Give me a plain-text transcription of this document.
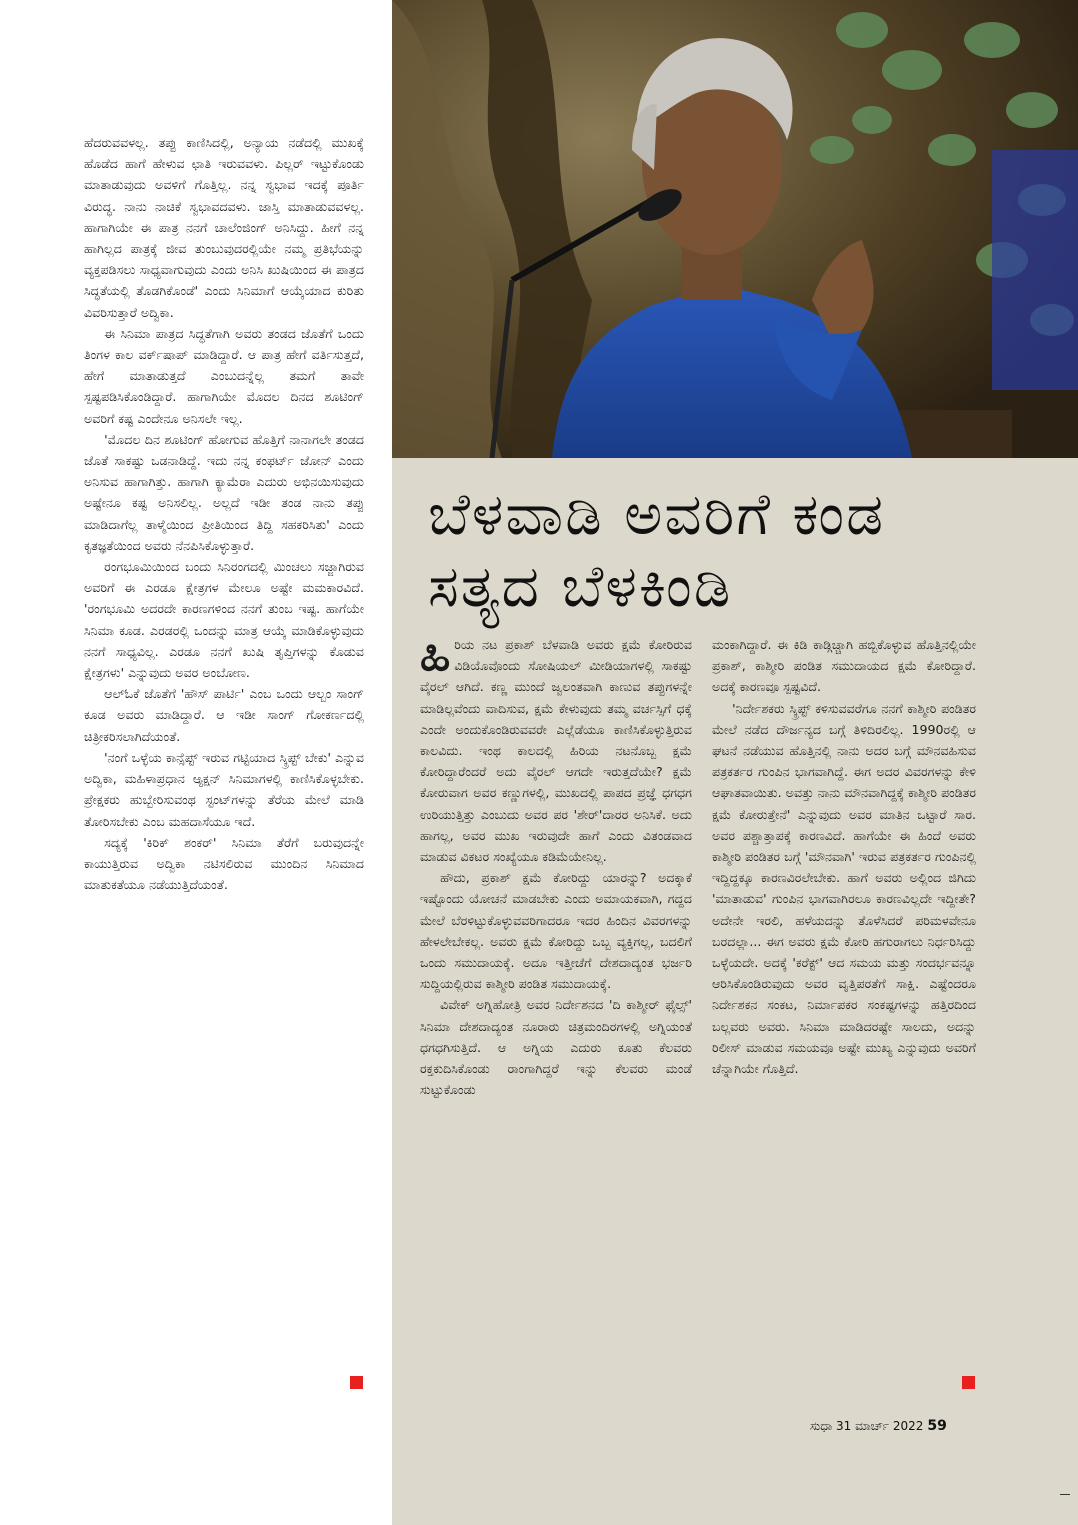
ಹೆದರುವವಳಲ್ಲ. ತಪ್ಪು ಕಾಣಿಸಿದಲ್ಲಿ, ಅನ್ಯಾಯ ನಡೆದಲ್ಲಿ ಮುಖಕ್ಕೆ ಹೊಡೆದ ಹಾಗೆ ಹೇಳುವ ಛಾತಿ ಇರುವವಳು. ಪಿಲ್ಲರ್ ಇಟ್ಟುಕೊಂಡು ಮಾತಾಡುವುದು ಅವಳಿಗೆ ಗೊತ್ತಿಲ್ಲ. ನನ್ನ ಸ್ವಭಾವ ಇದಕ್ಕೆ ಪೂರ್ತಿ ವಿರುದ್ಧ. ನಾನು ನಾಚಿಕೆ ಸ್ವಭಾವದವಳು. ಜಾಸ್ತಿ ಮಾತಾಡುವವಳಲ್ಲ. ಹಾಗಾಗಿಯೇ ಈ ಪಾತ್ರ ನನಗೆ ಚಾಲೆಂಜಿಂಗ್ ಅನಿಸಿದ್ದು. ಹೀಗೆ ನನ್ನ ಹಾಗಿಲ್ಲದ ಪಾತ್ರಕ್ಕೆ ಜೀವ ತುಂಬುವುದರಲ್ಲಿಯೇ ನಮ್ಮ ಪ್ರತಿಭೆಯನ್ನು ವ್ಯಕ್ತಪಡಿಸಲು ಸಾಧ್ಯವಾಗುವುದು ಎಂದು ಅನಿಸಿ ಖುಷಿಯಿಂದ ಈ ಪಾತ್ರದ ಸಿದ್ಧತೆಯಲ್ಲಿ ತೊಡಗಿಕೊಂಡೆ' ಎಂದು ಸಿನಿಮಾಗೆ ಆಯ್ಕೆಯಾದ ಕುರಿತು ವಿವರಿಸುತ್ತಾರೆ ಅದ್ವಿಕಾ.

ಈ ಸಿನಿಮಾ ಪಾತ್ರದ ಸಿದ್ಧತೆಗಾಗಿ ಅವರು ತಂಡದ ಜೊತೆಗೆ ಒಂದು ತಿಂಗಳ ಕಾಲ ವರ್ಕ್‌ಷಾಪ್ ಮಾಡಿದ್ದಾರೆ. ಆ ಪಾತ್ರ ಹೇಗೆ ವರ್ತಿಸುತ್ತದೆ, ಹೇಗೆ ಮಾತಾಡುತ್ತದೆ ಎಂಬುದನ್ನೆಲ್ಲ ತಮಗೆ ತಾವೇ ಸ್ಪಷ್ಟಪಡಿಸಿಕೊಂಡಿದ್ದಾರೆ. ಹಾಗಾಗಿಯೇ ಮೊದಲ ದಿನದ ಶೂಟಿಂಗ್ ಅವರಿಗೆ ಕಷ್ಟ ಎಂದೇನೂ ಅನಿಸಲೇ ಇಲ್ಲ.

'ಮೊದಲ ದಿನ ಶೂಟಿಂಗ್ ಹೋಗುವ ಹೊತ್ತಿಗೆ ನಾನಾಗಲೇ ತಂಡದ ಜೊತೆ ಸಾಕಷ್ಟು ಒಡನಾಡಿದ್ದೆ. ಇದು ನನ್ನ ಕಂಫರ್ಟ್ ಜೋನ್ ಎಂದು ಅನಿಸುವ ಹಾಗಾಗಿತ್ತು. ಹಾಗಾಗಿ ಕ್ಯಾಮೆರಾ ಎದುರು ಅಭಿನಯಿಸುವುದು ಅಷ್ಟೇನೂ ಕಷ್ಟ ಅನಿಸಲಿಲ್ಲ. ಅಲ್ಲದೆ ಇಡೀ ತಂಡ ನಾನು ತಪ್ಪು ಮಾಡಿದಾಗೆಲ್ಲ ತಾಳ್ಮೆಯಿಂದ ಪ್ರೀತಿಯಿಂದ ತಿದ್ದಿ ಸಹಕರಿಸಿತು' ಎಂದು ಕೃತಜ್ಞತೆಯಿಂದ ಅವರು ನೆನಪಿಸಿಕೊಳ್ಳುತ್ತಾರೆ.

ರಂಗಭೂಮಿಯಿಂದ ಬಂದು ಸಿನಿರಂಗದಲ್ಲಿ ಮಿಂಚಲು ಸಜ್ಜಾಗಿರುವ ಅವರಿಗೆ ಈ ಎರಡೂ ಕ್ಷೇತ್ರಗಳ ಮೇಲೂ ಅಷ್ಟೇ ಮಮಕಾರವಿದೆ. 'ರಂಗಭೂಮಿ ಅದರದೇ ಕಾರಣಗಳಿಂದ ನನಗೆ ತುಂಬ ಇಷ್ಟ. ಹಾಗೆಯೇ ಸಿನಿಮಾ ಕೂಡ. ಎರಡರಲ್ಲಿ ಒಂದನ್ನು ಮಾತ್ರ ಆಯ್ಕೆ ಮಾಡಿಕೊಳ್ಳುವುದು ನನಗೆ ಸಾಧ್ಯವಿಲ್ಲ. ಎರಡೂ ನನಗೆ ಖುಷಿ ತೃಪ್ತಿಗಳನ್ನು ಕೊಡುವ ಕ್ಷೇತ್ರಗಳು' ಎನ್ನುವುದು ಅವರ ಅಂಬೋಣ.

ಆಲ್‌ಓಕೆ ಜೊತೆಗೆ 'ಹೌಸ್ ಪಾರ್ಟಿ' ಎಂಬ ಒಂದು ಆಲ್ಬಂ ಸಾಂಗ್ ಕೂಡ ಅವರು ಮಾಡಿದ್ದಾರೆ. ಆ ಇಡೀ ಸಾಂಗ್ ಗೋಕರ್ಣದಲ್ಲಿ ಚಿತ್ರೀಕರಿಸಲಾಗಿದೆಯಂತೆ.

'ನಂಗೆ ಒಳ್ಳೆಯ ಕಾನ್ಸೆಪ್ಟ್ ಇರುವ ಗಟ್ಟಿಯಾದ ಸ್ಕ್ರಿಪ್ಟ್ ಬೇಕು' ಎನ್ನುವ ಅದ್ವಿಕಾ, ಮಹಿಳಾಪ್ರಧಾನ ಆ್ಯಕ್ಷನ್ ಸಿನಿಮಾಗಳಲ್ಲಿ ಕಾಣಿಸಿಕೊಳ್ಳಬೇಕು. ಪ್ರೇಕ್ಷಕರು ಹುಬ್ಬೇರಿಸುವಂಥ ಸ್ಟಂಟ್‌ಗಳನ್ನು ತೆರೆಯ ಮೇಲೆ ಮಾಡಿ ತೋರಿಸಬೇಕು ಎಂಬ ಮಹದಾಸೆಯೂ ಇದೆ.

ಸದ್ಯಕ್ಕೆ 'ಕಿರಿಕ್ ಶಂಕರ್' ಸಿನಿಮಾ ತೆರೆಗೆ ಬರುವುದನ್ನೇ ಕಾಯುತ್ತಿರುವ ಅದ್ವಿಕಾ ನಟಿಸಲಿರುವ ಮುಂದಿನ ಸಿನಿಮಾದ ಮಾತುಕತೆಯೂ ನಡೆಯುತ್ತಿದೆಯಂತೆ.

ಬೆಳವಾಡಿ ಅವರಿಗೆ ಕಂಡ
ಸತ್ಯದ ಬೆಳಕಿಂಡಿ

ಹಿರಿಯ ನಟ ಪ್ರಕಾಶ್ ಬೆಳವಾಡಿ ಅವರು ಕ್ಷಮೆ ಕೋರಿರುವ ವಿಡಿಯೊವೊಂದು ಸೋಷಿಯಲ್ ಮೀಡಿಯಾಗಳಲ್ಲಿ ಸಾಕಷ್ಟು ವೈರಲ್ ಆಗಿದೆ. ಕಣ್ಣ ಮುಂದೆ ಜ್ವಲಂತವಾಗಿ ಕಾಣುವ ತಪ್ಪುಗಳನ್ನೇ ಮಾಡಿಲ್ಲವೆಂದು ವಾದಿಸುವ, ಕ್ಷಮೆ ಕೇಳುವುದು ತಮ್ಮ ವರ್ಚಸ್ಸಿಗೆ ಧಕ್ಕೆ ಎಂದೇ ಅಂದುಕೊಂಡಿರುವವರೇ ಎಲ್ಲೆಡೆಯೂ ಕಾಣಿಸಿಕೊಳ್ಳುತ್ತಿರುವ ಕಾಲವಿದು. ಇಂಥ ಕಾಲದಲ್ಲಿ ಹಿರಿಯ ನಟನೊಬ್ಬ ಕ್ಷಮೆ ಕೋರಿದ್ದಾರೆಂದರೆ ಅದು ವೈರಲ್ ಆಗದೇ ಇರುತ್ತದೆಯೇ? ಕ್ಷಮೆ ಕೋರುವಾಗ ಅವರ ಕಣ್ಣುಗಳಲ್ಲಿ, ಮುಖದಲ್ಲಿ ಪಾಪದ ಪ್ರಜ್ಞೆ ಧಗಧಗ ಉರಿಯುತ್ತಿತ್ತು ಎಂಬುದು ಅವರ ಪರ 'ಶೇರ್'ದಾರರ ಅನಿಸಿಕೆ. ಅದು ಹಾಗಲ್ಲ, ಅವರ ಮುಖ ಇರುವುದೇ ಹಾಗೆ ಎಂದು ವಿತಂಡವಾದ ಮಾಡುವ ವಿಕಟರ ಸಂಖ್ಯೆಯೂ ಕಡಿಮೆಯೇನಿಲ್ಲ.

ಹೌದು, ಪ್ರಕಾಶ್ ಕ್ಷಮೆ ಕೋರಿದ್ದು ಯಾರನ್ನು? ಅದಕ್ಕಾಕೆ ಇಷ್ಟೊಂದು ಯೋಚನೆ ಮಾಡಬೇಕು ಎಂದು ಅಮಾಯಕವಾಗಿ, ಗದ್ದದ ಮೇಲೆ ಬೆರಳಿಟ್ಟುಕೊಳ್ಳುವವರಿಗಾದರೂ ಇದರ ಹಿಂದಿನ ವಿವರಗಳನ್ನು ಹೇಳಲೇಬೇಕಲ್ಲ. ಅವರು ಕ್ಷಮೆ ಕೋರಿದ್ದು ಒಬ್ಬ ವ್ಯಕ್ತಿಗಲ್ಲ, ಬದಲಿಗೆ ಒಂದು ಸಮುದಾಯಕ್ಕೆ. ಅದೂ ಇತ್ತೀಚೆಗೆ ದೇಶದಾದ್ಯಂತ ಭರ್ಜರಿ ಸುದ್ದಿಯಲ್ಲಿರುವ ಕಾಶ್ಮೀರಿ ಪಂಡಿತ ಸಮುದಾಯಕ್ಕೆ.

ವಿವೇಕ್ ಅಗ್ನಿಹೋತ್ರಿ ಅವರ ನಿರ್ದೇಶನದ 'ದಿ ಕಾಶ್ಮೀರ್ ಫೈಲ್ಸ್' ಸಿನಿಮಾ ದೇಶದಾದ್ಯಂತ ನೂರಾರು ಚಿತ್ರಮಂದಿರಗಳಲ್ಲಿ ಅಗ್ನಿಯಂತೆ ಧಗಧಗಿಸುತ್ತಿದೆ. ಆ ಅಗ್ನಿಯ ಎದುರು ಕೂತು ಕೆಲವರು ರಕ್ತಕುದಿಸಿಕೊಂಡು ರಾಂಗಾಗಿದ್ದರೆ ಇನ್ನು ಕೆಲವರು ಮಂಡೆ ಸುಟ್ಟುಕೊಂಡು

ಮಂಕಾಗಿದ್ದಾರೆ. ಈ ಕಿಡಿ ಕಾಡ್ಗಿಚ್ಚಾಗಿ ಹಬ್ಬಿಕೊಳ್ಳುವ ಹೊತ್ತಿನಲ್ಲಿಯೇ ಪ್ರಕಾಶ್, ಕಾಶ್ಮೀರಿ ಪಂಡಿತ ಸಮುದಾಯದ ಕ್ಷಮೆ ಕೋರಿದ್ದಾರೆ. ಅದಕ್ಕೆ ಕಾರಣವೂ ಸ್ಪಷ್ಟವಿದೆ.

'ನಿರ್ದೇಶಕರು ಸ್ಕ್ರಿಪ್ಟ್ ಕಳಿಸುವವರೆಗೂ ನನಗೆ ಕಾಶ್ಮೀರಿ ಪಂಡಿತರ ಮೇಲೆ ನಡೆದ ದೌರ್ಜನ್ಯದ ಬಗ್ಗೆ ತಿಳಿದಿರಲಿಲ್ಲ. 1990ರಲ್ಲಿ ಆ ಘಟನೆ ನಡೆಯುವ ಹೊತ್ತಿನಲ್ಲಿ ನಾನು ಅದರ ಬಗ್ಗೆ ಮೌನವಹಿಸುವ ಪತ್ರಕರ್ತರ ಗುಂಪಿನ ಭಾಗವಾಗಿದ್ದೆ. ಈಗ ಅದರ ವಿವರಗಳನ್ನು ಕೇಳಿ ಆಘಾತವಾಯಿತು. ಅವತ್ತು ನಾನು ಮೌನವಾಗಿದ್ದಕ್ಕೆ ಕಾಶ್ಮೀರಿ ಪಂಡಿತರ ಕ್ಷಮೆ ಕೋರುತ್ತೇನೆ' ಎನ್ನುವುದು ಅವರ ಮಾತಿನ ಒಟ್ಟಾರೆ ಸಾರ. ಅವರ ಪಶ್ಚಾತ್ತಾಪಕ್ಕೆ ಕಾರಣವಿದೆ. ಹಾಗೆಯೇ ಈ ಹಿಂದೆ ಅವರು ಕಾಶ್ಮೀರಿ ಪಂಡಿತರ ಬಗ್ಗೆ 'ಮೌನವಾಗಿ' ಇರುವ ಪತ್ರಕರ್ತರ ಗುಂಪಿನಲ್ಲಿ ಇದ್ದಿದ್ದಕ್ಕೂ ಕಾರಣವಿರಲೇಬೇಕು. ಹಾಗೆ ಅವರು ಅಲ್ಲಿಂದ ಜಿಗಿದು 'ಮಾತಾಡುವ' ಗುಂಪಿನ ಭಾಗವಾಗಿರಲೂ ಕಾರಣವಿಲ್ಲದೇ ಇದ್ದೀತೇ? ಅದೇನೇ ಇರಲಿ, ಹಳೆಯದನ್ನು ತೊಳೆಸಿದರೆ ಪರಿಮಳವೇನೂ ಬರದಲ್ಲಾ... ಈಗ ಅವರು ಕ್ಷಮೆ ಕೋರಿ ಹಗುರಾಗಲು ನಿರ್ಧರಿಸಿದ್ದು ಒಳ್ಳೆಯದೇ. ಅದಕ್ಕೆ 'ಕರೆಕ್ಟ್' ಆದ ಸಮಯ ಮತ್ತು ಸಂದರ್ಭವನ್ನೂ ಆರಿಸಿಕೊಂಡಿರುವುದು ಅವರ ವೃತ್ತಿಪರತೆಗೆ ಸಾಕ್ಷಿ. ಎಷ್ಟೆಂದರೂ ನಿರ್ದೇಶಕನ ಸಂಕಟ, ನಿರ್ಮಾಪಕರ ಸಂಕಷ್ಟಗಳನ್ನು ಹತ್ತಿರದಿಂದ ಬಲ್ಲವರು ಅವರು. ಸಿನಿಮಾ ಮಾಡಿದರಷ್ಟೇ ಸಾಲದು, ಅದನ್ನು ರಿಲೀಸ್ ಮಾಡುವ ಸಮಯವೂ ಅಷ್ಟೇ ಮುಖ್ಯ ಎನ್ನುವುದು ಅವರಿಗೆ ಚೆನ್ನಾಗಿಯೇ ಗೊತ್ತಿದೆ.

ಸುಧಾ 31 ಮಾರ್ಚ್ 2022 59
